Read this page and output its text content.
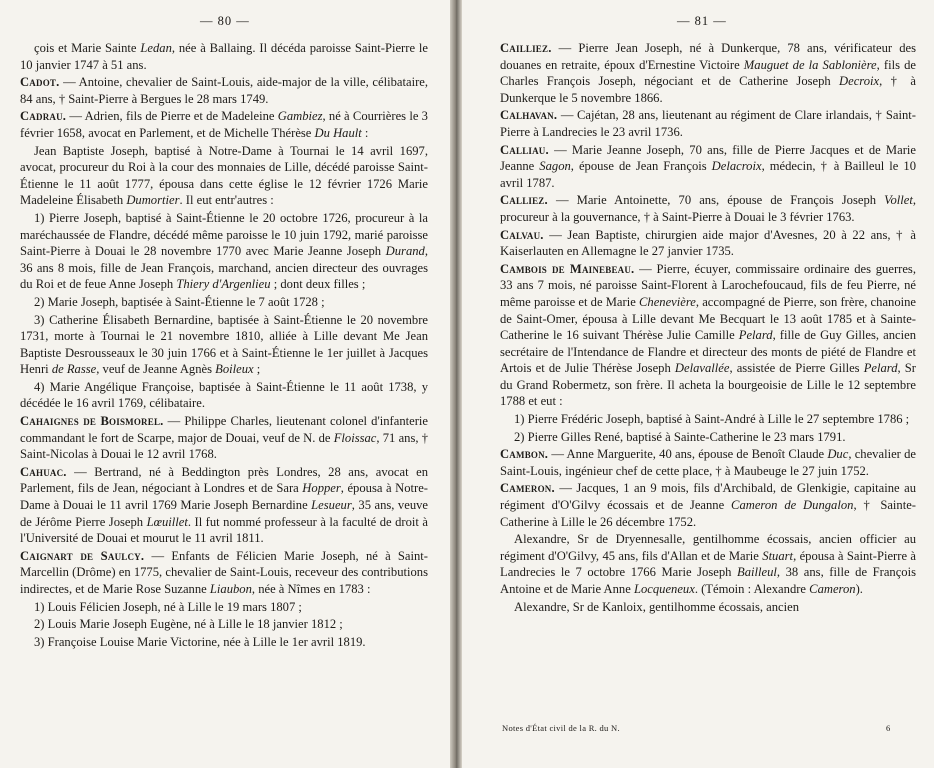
— 80 —

çois et Marie Sainte Ledan, née à Ballaing. Il décéda paroisse Saint-Pierre le 10 janvier 1747 à 51 ans.

Cadot. — Antoine, chevalier de Saint-Louis, aide-major de la ville, célibataire, 84 ans, † Saint-Pierre à Bergues le 28 mars 1749.

Cadrau. — Adrien, fils de Pierre et de Madeleine Gambiez, né à Courrières le 3 février 1658, avocat en Parlement, et de Michelle Thérèse Du Hault :

Jean Baptiste Joseph, baptisé à Notre-Dame à Tournai le 14 avril 1697, avocat, procureur du Roi à la cour des monnaies de Lille, décédé paroisse Saint-Étienne le 11 août 1777, épousa dans cette église le 12 février 1726 Marie Madeleine Élisabeth Dumortier. Il eut entr'autres :

1) Pierre Joseph, baptisé à Saint-Étienne le 20 octobre 1726, procureur à la maréchaussée de Flandre, décédé même paroisse le 10 juin 1792, marié paroisse Saint-Pierre à Douai le 28 novembre 1770 avec Marie Jeanne Joseph Durand, 36 ans 8 mois, fille de Jean François, marchand, ancien directeur des ouvrages du Roi et de feue Anne Joseph Thiery d'Argenlieu ; dont deux filles ;

2) Marie Joseph, baptisée à Saint-Étienne le 7 août 1728 ;

3) Catherine Élisabeth Bernardine, baptisée à Saint-Étienne le 20 novembre 1731, morte à Tournai le 21 novembre 1810, alliée à Lille devant Me Jean Baptiste Desrousseaux le 30 juin 1766 et à Saint-Étienne le 1er juillet à Jacques Henri de Rasse, veuf de Jeanne Agnès Boileux ;

4) Marie Angélique Françoise, baptisée à Saint-Étienne le 11 août 1738, y décédée le 16 avril 1769, célibataire.

Cahaignes de Boismorel. — Philippe Charles, lieutenant colonel d'infanterie commandant le fort de Scarpe, major de Douai, veuf de N. de Floissac, 71 ans, † Saint-Nicolas à Douai le 12 avril 1768.

Cahuac. — Bertrand, né à Beddington près Londres, 28 ans, avocat en Parlement, fils de Jean, négociant à Londres et de Sara Hopper, épousa à Notre-Dame à Douai le 11 avril 1769 Marie Joseph Bernardine Lesueur, 35 ans, veuve de Jérôme Pierre Joseph Lœuillet. Il fut nommé professeur à la faculté de droit à l'Université de Douai et mourut le 11 avril 1811.

Caignart de Saulcy. — Enfants de Félicien Marie Joseph, né à Saint-Marcellin (Drôme) en 1775, chevalier de Saint-Louis, receveur des contributions indirectes, et de Marie Rose Suzanne Liaubon, née à Nîmes en 1783 :

1) Louis Félicien Joseph, né à Lille le 19 mars 1807 ;

2) Louis Marie Joseph Eugène, né à Lille le 18 janvier 1812 ;

3) Françoise Louise Marie Victorine, née à Lille le 1er avril 1819.

— 81 —

Cailliez. — Pierre Jean Joseph, né à Dunkerque, 78 ans, vérificateur des douanes en retraite, époux d'Ernestine Victoire Mauguet de la Sablonière, fils de Charles François Joseph, négociant et de Catherine Joseph Decroix, † à Dunkerque le 5 novembre 1866.

Calhavan. — Cajétan, 28 ans, lieutenant au régiment de Clare irlandais, † Saint-Pierre à Landrecies le 23 avril 1736.

Calliau. — Marie Jeanne Joseph, 70 ans, fille de Pierre Jacques et de Marie Jeanne Sagon, épouse de Jean François Delacroix, médecin, † à Bailleul le 10 avril 1787.

Calliez. — Marie Antoinette, 70 ans, épouse de François Joseph Vollet, procureur à la gouvernance, † à Saint-Pierre à Douai le 3 février 1763.

Calvau. — Jean Baptiste, chirurgien aide major d'Avesnes, 20 à 22 ans, † à Kaiserlauten en Allemagne le 27 janvier 1735.

Cambois de Mainebeau. — Pierre, écuyer, commissaire ordinaire des guerres, 33 ans 7 mois, né paroisse Saint-Florent à Larochefoucaud, fils de feu Pierre, né même paroisse et de Marie Chenevière, accompagné de Pierre, son frère, chanoine de Saint-Omer, épousa à Lille devant Me Becquart le 13 août 1785 et à Sainte-Catherine le 16 suivant Thérèse Julie Camille Pelard, fille de Guy Gilles, ancien secrétaire de l'Intendance de Flandre et directeur des monts de piété de Flandre et Artois et de Julie Thérèse Joseph Delavallée, assistée de Pierre Gilles Pelard, Sr du Grand Robermetz, son frère. Il acheta la bourgeoisie de Lille le 12 septembre 1788 et eut :

1) Pierre Frédéric Joseph, baptisé à Saint-André à Lille le 27 septembre 1786 ;

2) Pierre Gilles René, baptisé à Sainte-Catherine le 23 mars 1791.

Cambon. — Anne Marguerite, 40 ans, épouse de Benoît Claude Duc, chevalier de Saint-Louis, ingénieur chef de cette place, † à Maubeuge le 27 juin 1752.

Cameron. — Jacques, 1 an 9 mois, fils d'Archibald, de Glenkigie, capitaine au régiment d'O'Gilvy écossais et de Jeanne Cameron de Dungalon, † Sainte-Catherine à Lille le 26 décembre 1752.

Alexandre, Sr de Dryennesalle, gentilhomme écossais, ancien officier au régiment d'O'Gilvy, 45 ans, fils d'Allan et de Marie Stuart, épousa à Saint-Pierre à Landrecies le 7 octobre 1766 Marie Joseph Bailleul, 38 ans, fille de François Antoine et de Marie Anne Locqueneux. (Témoin : Alexandre Cameron).

Alexandre, Sr de Kanloix, gentilhomme écossais, ancien

Notes d'État civil de la R. du N.	6
